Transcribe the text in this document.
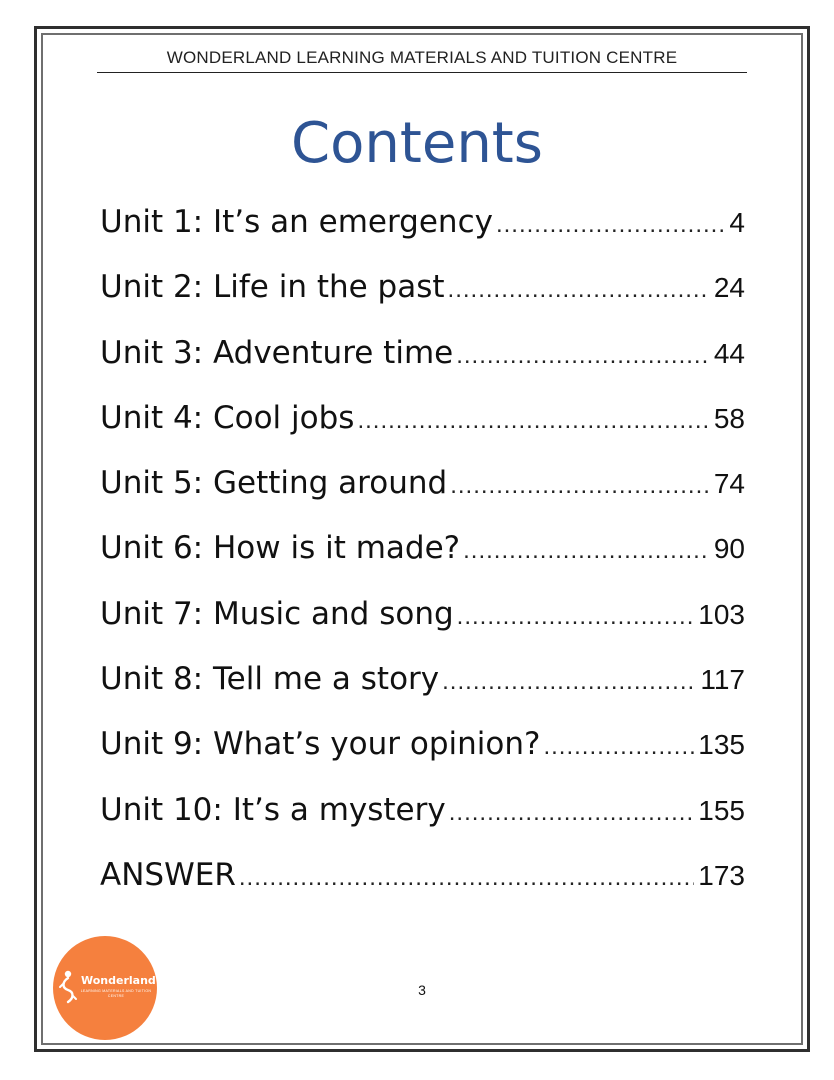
WONDERLAND LEARNING MATERIALS AND TUITION CENTRE
Contents
Unit 1: It’s an emergency .....	4
Unit 2: Life in the past .....	24
Unit 3: Adventure time .....	44
Unit 4: Cool jobs .....	58
Unit 5: Getting around .....	74
Unit 6: How is it made? .....	90
Unit 7: Music and song .....	103
Unit 8: Tell me a story .....	117
Unit 9: What’s your opinion? .....	135
Unit 10: It’s a mystery .....	155
ANSWER .....	173
Wonderland
LEARNING MATERIALS AND TUITION CENTRE	3
